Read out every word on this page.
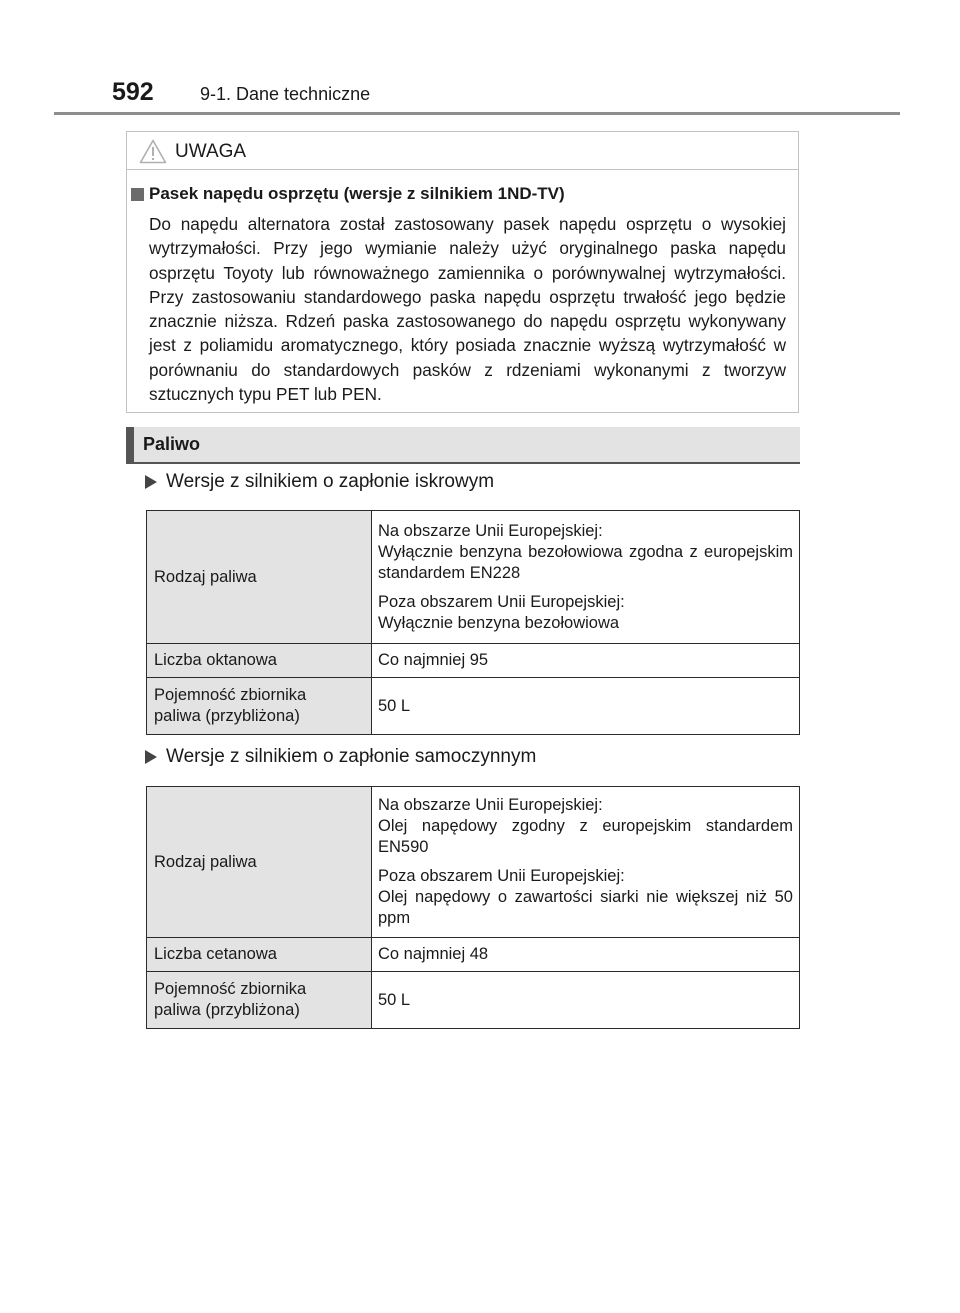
592	9-1. Dane techniczne
UWAGA
Pasek napędu osprzętu (wersje z silnikiem 1ND-TV)
Do napędu alternatora został zastosowany pasek napędu osprzętu o wysokiej wytrzymałości. Przy jego wymianie należy użyć oryginalnego paska napędu osprzętu Toyoty lub równoważnego zamiennika o porównywalnej wytrzymałości. Przy zastosowaniu standardowego paska napędu osprzętu trwałość jego będzie znacznie niższa. Rdzeń paska zastosowanego do napędu osprzętu wykonywany jest z poliamidu aromatycznego, który posiada znacznie wyższą wytrzymałość w porównaniu do standardowych pasków z rdzeniami wykonanymi z tworzyw sztucznych typu PET lub PEN.
Paliwo
Wersje z silnikiem o zapłonie iskrowym
Rodzaj paliwa	Na obszarze Unii Europejskiej:
Wyłącznie benzyna bezołowiowa zgodna z europejskim standardem EN228
Poza obszarem Unii Europejskiej:
Wyłącznie benzyna bezołowiowa
Liczba oktanowa	Co najmniej 95
Pojemność zbiornika
paliwa (przybliżona)	50 L
Wersje z silnikiem o zapłonie samoczynnym
Rodzaj paliwa	Na obszarze Unii Europejskiej:
Olej napędowy zgodny z europejskim standardem EN590
Poza obszarem Unii Europejskiej:
Olej napędowy o zawartości siarki nie większej niż 50 ppm
Liczba cetanowa	Co najmniej 48
Pojemność zbiornika
paliwa (przybliżona)	50 L
